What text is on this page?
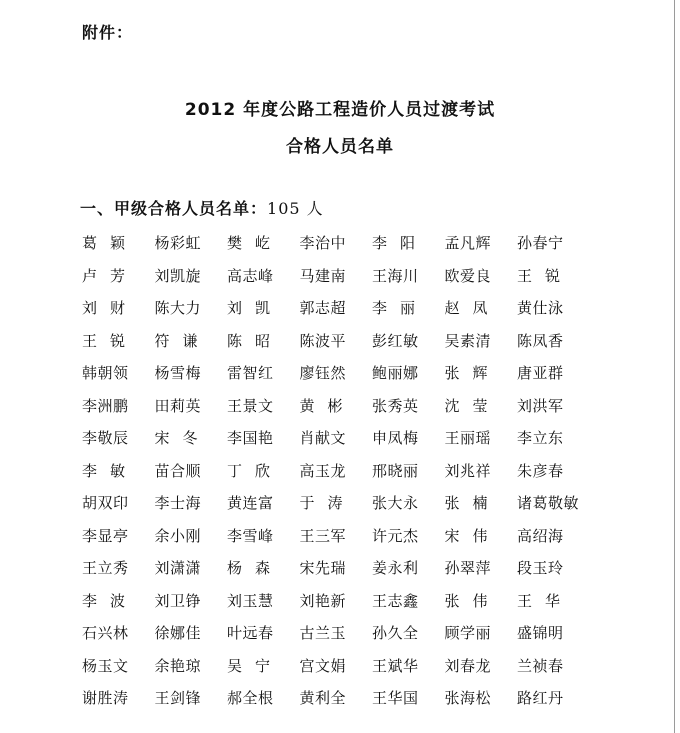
附件：
2012 年度公路工程造价人员过渡考试
合格人员名单
一、甲级合格人员名单：105 人
葛颖	杨彩虹	樊屹	李治中	李阳	孟凡辉	孙春宁
卢芳	刘凯旋	高志峰	马建南	王海川	欧爱良	王锐
刘财	陈大力	刘凯	郭志超	李丽	赵凤	黄仕泳
王锐	符谦	陈昭	陈波平	彭红敏	吴素清	陈凤香
韩朝领	杨雪梅	雷智红	廖钰然	鲍丽娜	张辉	唐亚群
李洲鹏	田莉英	王景文	黄彬	张秀英	沈莹	刘洪军
李敬辰	宋冬	李国艳	肖献文	申凤梅	王丽瑶	李立东
李敏	苗合顺	丁欣	高玉龙	邢晓丽	刘兆祥	朱彦春
胡双印	李士海	黄连富	于涛	张大永	张楠	诸葛敬敏
李显亭	余小刚	李雪峰	王三军	许元杰	宋伟	高绍海
王立秀	刘潇潇	杨森	宋先瑞	姜永利	孙翠萍	段玉玲
李波	刘卫铮	刘玉慧	刘艳新	王志鑫	张伟	王华
石兴林	徐娜佳	叶远春	古兰玉	孙久全	顾学丽	盛锦明
杨玉文	余艳琼	吴宁	宫文娟	王斌华	刘春龙	兰祯春
谢胜涛	王剑锋	郝全根	黄利全	王华国	张海松	路红丹
